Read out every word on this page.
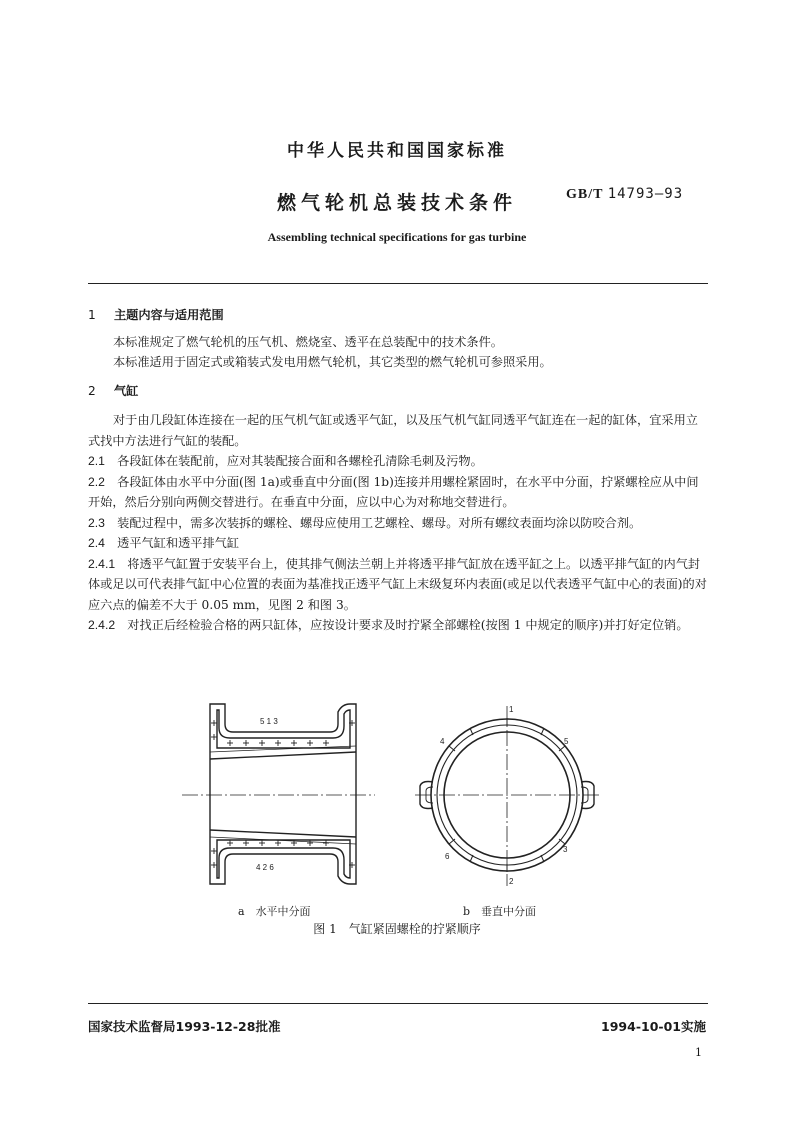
中华人民共和国国家标准
燃气轮机总装技术条件	GB/T 14793—93
Assembling technical specifications for gas turbine

1 主题内容与适用范围

本标准规定了燃气轮机的压气机、燃烧室、透平在总装配中的技术条件。

本标准适用于固定式或箱装式发电用燃气轮机，其它类型的燃气轮机可参照采用。

2 气缸

对于由几段缸体连接在一起的压气机气缸或透平气缸，以及压气机气缸同透平气缸连在一起的缸体，宜采用立式找中方法进行气缸的装配。

2.1　 各段缸体在装配前，应对其装配接合面和各螺栓孔清除毛刺及污物。

2.2　 各段缸体由水平中分面(图 1a)或垂直中分面(图 1b)连接并用螺栓紧固时，在水平中分面，拧紧螺栓应从中间开始，然后分别向两侧交替进行。在垂直中分面，应以中心为对称地交替进行。

2.3　 装配过程中，需多次装拆的螺栓、螺母应使用工艺螺栓、螺母。对所有螺纹表面均涂以防咬合剂。

2.4　 透平气缸和透平排气缸

2.4.1　 将透平气缸置于安装平台上，使其排气侧法兰朝上并将透平排气缸放在透平缸之上。以透平排气缸的内气封体或足以可代表排气缸中心位置的表面为基准找正透平气缸上末级复环内表面(或足以代表透平气缸中心的表面)的对应六点的偏差不大于 0.05 mm，见图 2 和图 3。

2.4.2　 对找正后经检验合格的两只缸体，应按设计要求及时拧紧全部螺栓(按图 1 中规定的顺序)并打好定位销。

5 1 3
4 2 6
1
2
3
4	5
6
a　 水平中分面	b　 垂直中分面
图 1　气缸紧固螺栓的拧紧顺序
国家技术监督局1993-12-28批准	1994-10-01实施
1
